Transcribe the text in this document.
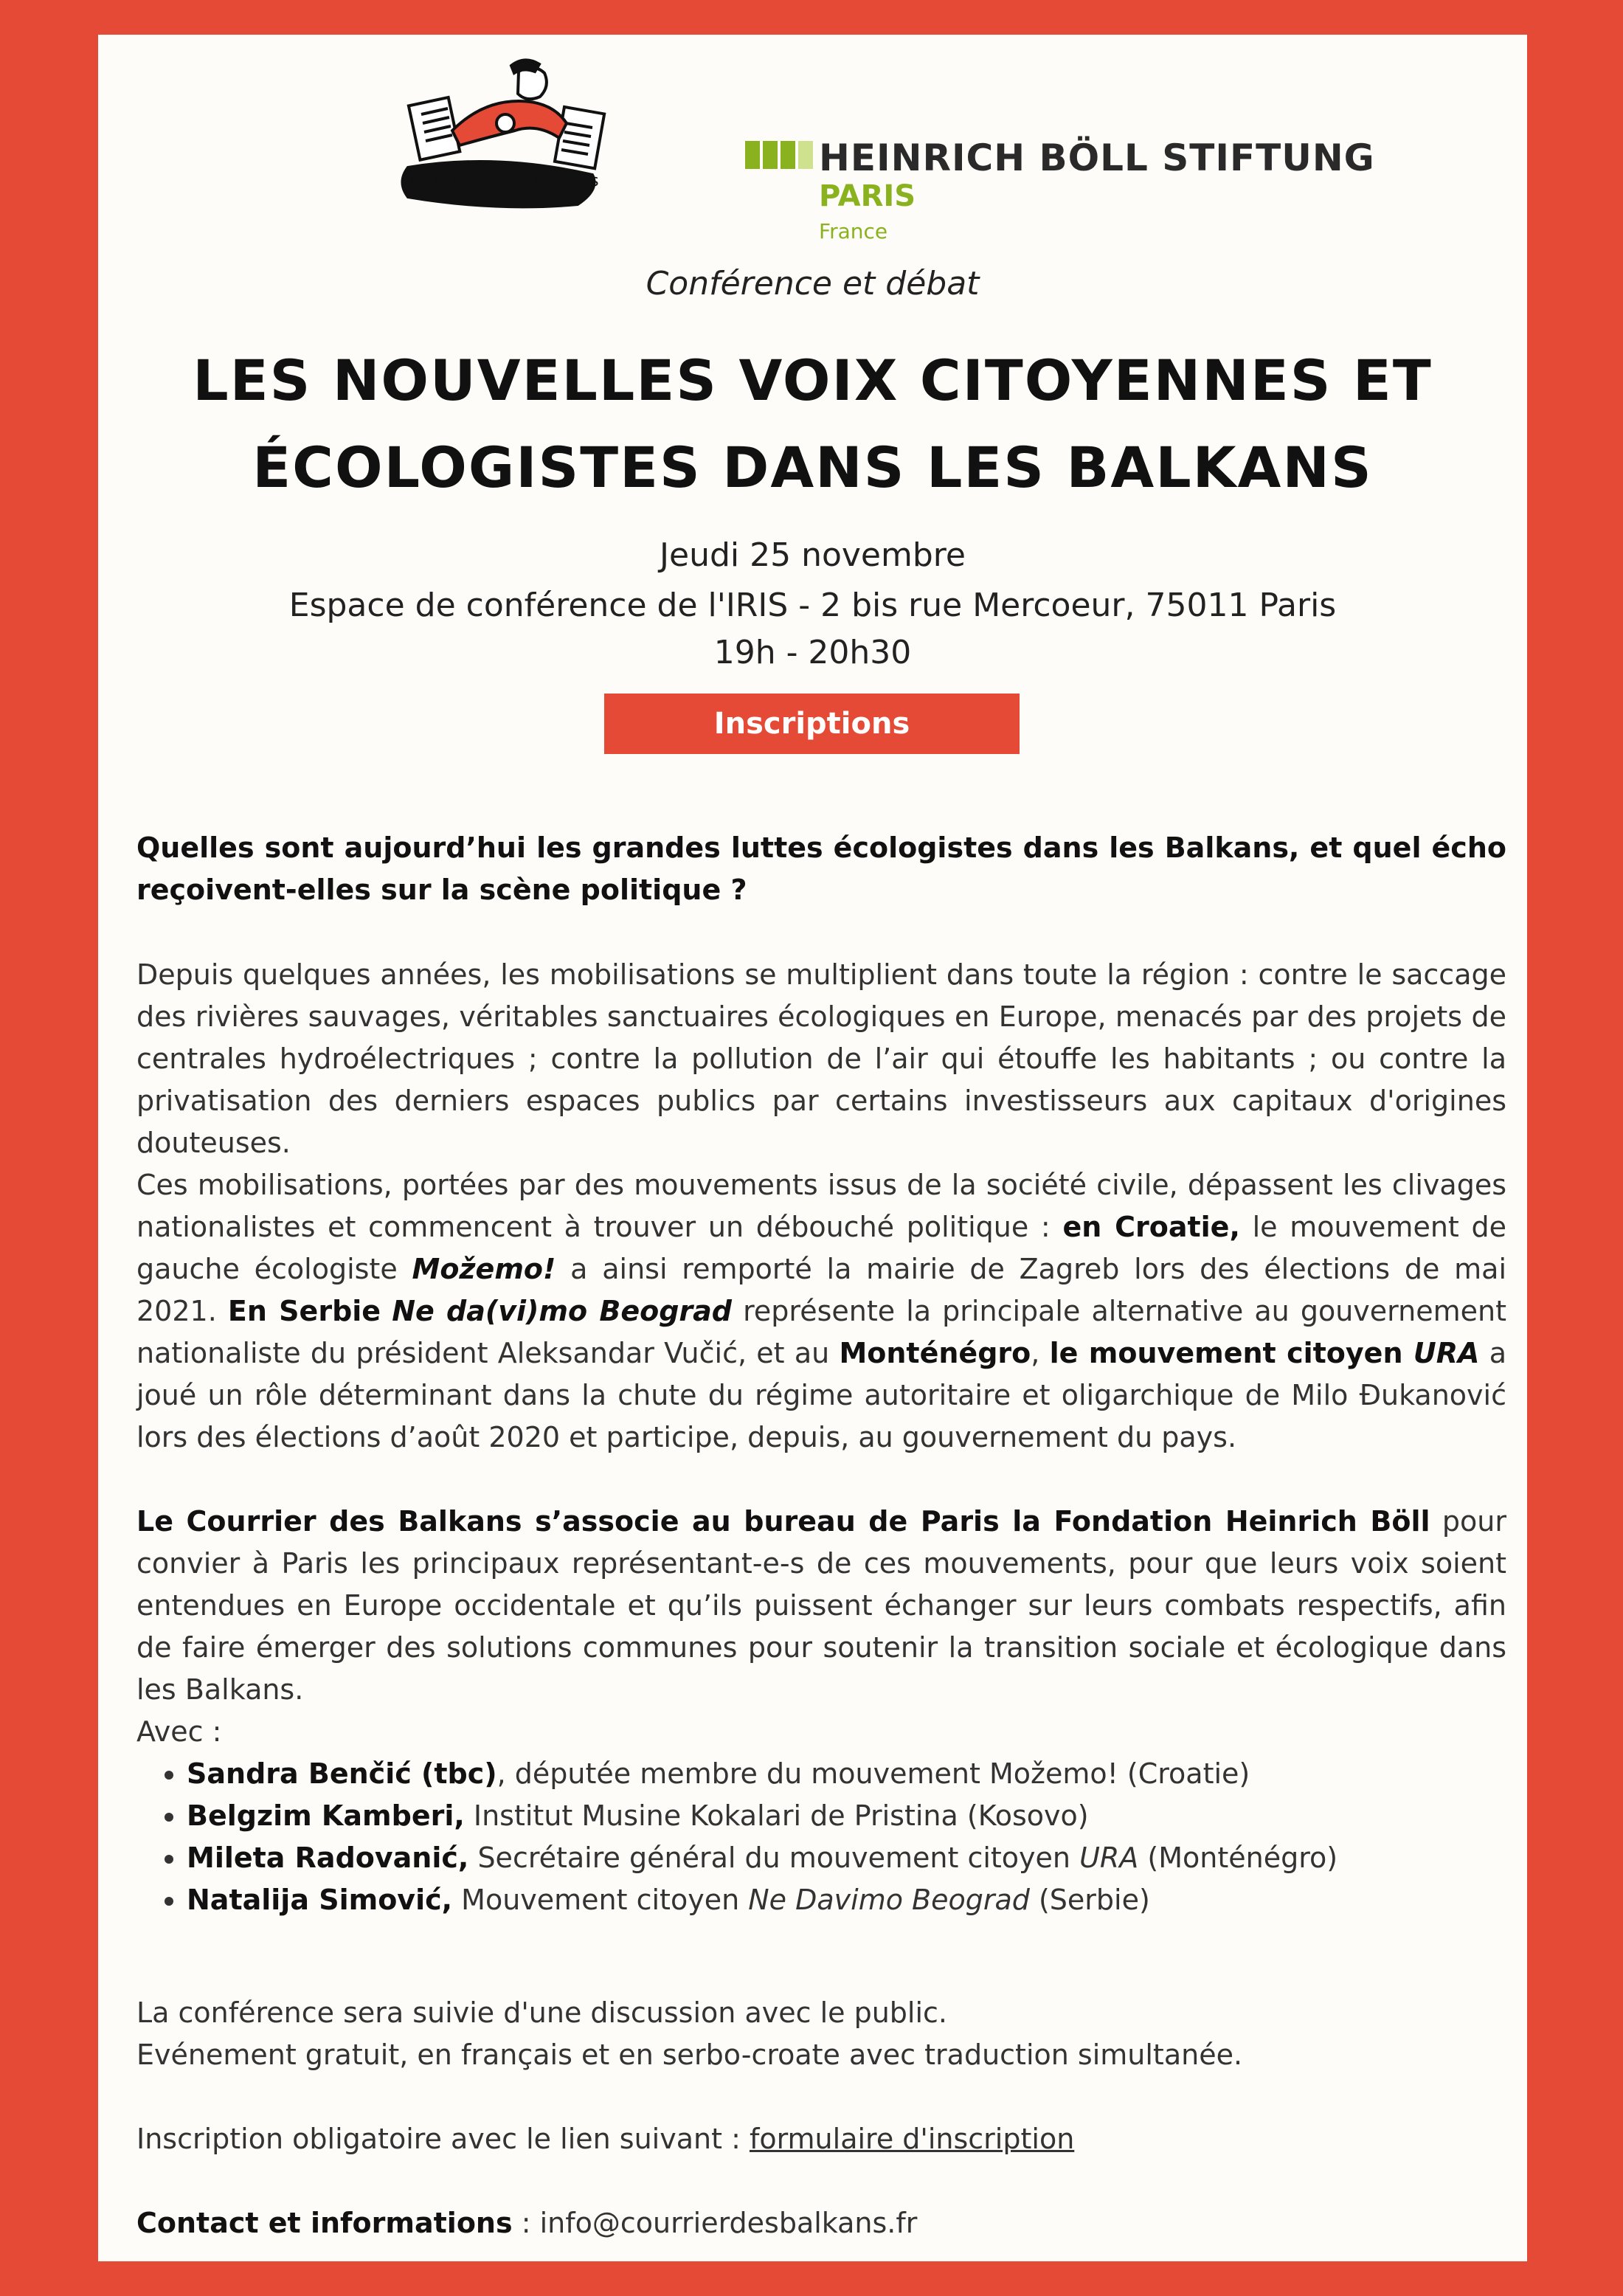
Le courrier des Balkans
HEINRICH BÖLL STIFTUNG
PARIS
France
Conférence et débat
LES NOUVELLES VOIX CITOYENNES ET
ÉCOLOGISTES DANS LES BALKANS
Jeudi 25 novembre
Espace de conférence de l'IRIS - 2 bis rue Mercoeur, 75011 Paris
19h - 20h30
Inscriptions

Quelles sont aujourd’hui les grandes luttes écologistes dans les Balkans, et quel écho reçoivent-elles sur la scène politique ?

Depuis quelques années, les mobilisations se multiplient dans toute la région : contre le saccage des rivières sauvages, véritables sanctuaires écologiques en Europe, menacés par des projets de centrales hydroélectriques ; contre la pollution de l’air qui étouffe les habitants ; ou contre la privatisation des derniers espaces publics par certains investisseurs aux capitaux d'origines douteuses.

Ces mobilisations, portées par des mouvements issus de la société civile, dépassent les clivages nationalistes et commencent à trouver un débouché politique : en Croatie, le mouvement de gauche écologiste Možemo! a ainsi remporté la mairie de Zagreb lors des élections de mai 2021. En Serbie Ne da(vi)mo Beograd représente la principale alternative au gouvernement nationaliste du président Aleksandar Vučić, et au Monténégro, le mouvement citoyen URA a joué un rôle déterminant dans la chute du régime autoritaire et oligarchique de Milo Đukanović lors des élections d’août 2020 et participe, depuis, au gouvernement du pays.

Le Courrier des Balkans s’associe au bureau de Paris la Fondation Heinrich Böll pour convier à Paris les principaux représentant-e-s de ces mouvements, pour que leurs voix soient entendues en Europe occidentale et qu’ils puissent échanger sur leurs combats respectifs, afin de faire émerger des solutions communes pour soutenir la transition sociale et écologique dans les Balkans.

Avec :

• Sandra Benčić (tbc), députée membre du mouvement Možemo! (Croatie)
• Belgzim Kamberi, Institut Musine Kokalari de Pristina (Kosovo)
• Mileta Radovanić, Secrétaire général du mouvement citoyen URA (Monténégro)
• Natalija Simović, Mouvement citoyen Ne Davimo Beograd (Serbie)

La conférence sera suivie d'une discussion avec le public.

Evénement gratuit, en français et en serbo-croate avec traduction simultanée.

Inscription obligatoire avec le lien suivant : formulaire d'inscription

Contact et informations : info@courrierdesbalkans.fr
